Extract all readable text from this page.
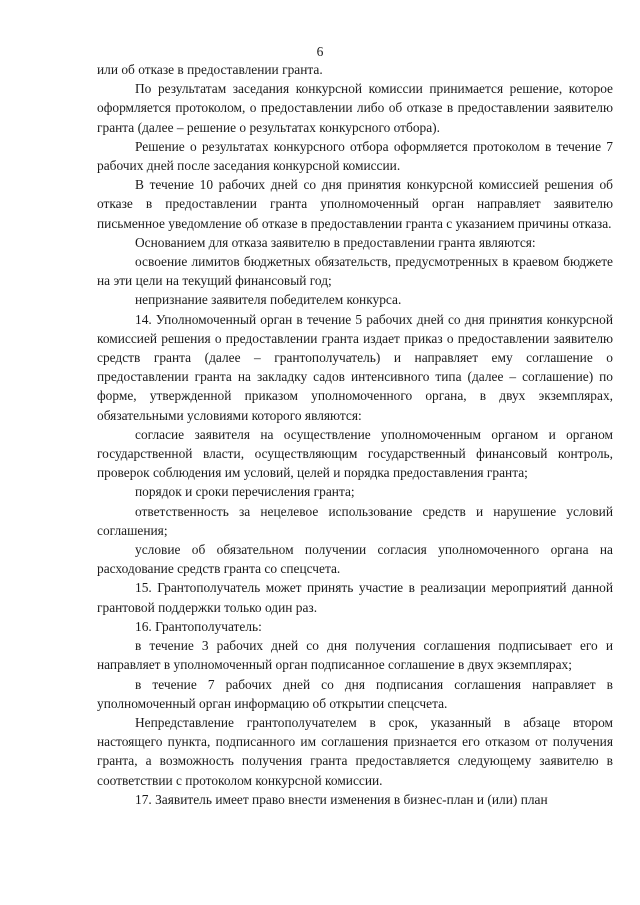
6

или об отказе в предоставлении гранта.

По результатам заседания конкурсной комиссии принимается решение, которое оформляется протоколом, о предоставлении либо об отказе в предоставлении заявителю гранта (далее – решение о результатах конкурсного отбора).

Решение о результатах конкурсного отбора оформляется протоколом в течение 7 рабочих дней после заседания конкурсной комиссии.

В течение 10 рабочих дней со дня принятия конкурсной комиссией решения об отказе в предоставлении гранта уполномоченный орган направляет заявителю письменное уведомление об отказе в предоставлении гранта с указанием причины отказа.

Основанием для отказа заявителю в предоставлении гранта являются:

освоение лимитов бюджетных обязательств, предусмотренных в краевом бюджете на эти цели на текущий финансовый год;

непризнание заявителя победителем конкурса.

14. Уполномоченный орган в течение 5 рабочих дней со дня принятия конкурсной комиссией решения о предоставлении гранта издает приказ о предоставлении заявителю средств гранта (далее – грантополучатель) и направляет ему соглашение о предоставлении гранта на закладку садов интенсивного типа (далее – соглашение) по форме, утвержденной приказом уполномоченного органа, в двух экземплярах, обязательными условиями которого являются:

согласие заявителя на осуществление уполномоченным органом и органом государственной власти, осуществляющим государственный финансовый контроль, проверок соблюдения им условий, целей и порядка предоставления гранта;

порядок и сроки перечисления гранта;

ответственность за нецелевое использование средств и нарушение условий соглашения;

условие об обязательном получении согласия уполномоченного органа на расходование средств гранта со спецсчета.

15. Грантополучатель может принять участие в реализации мероприятий данной грантовой поддержки только один раз.

16. Грантополучатель:

в течение 3 рабочих дней со дня получения соглашения подписывает его и направляет в уполномоченный орган подписанное соглашение в двух экземплярах;

в течение 7 рабочих дней со дня подписания соглашения направляет в уполномоченный орган информацию об открытии спецсчета.

Непредставление грантополучателем в срок, указанный в абзаце втором настоящего пункта, подписанного им соглашения признается его отказом от получения гранта, а возможность получения гранта предоставляется следующему заявителю в соответствии с протоколом конкурсной комиссии.

17. Заявитель имеет право внести изменения в бизнес-план и (или) план
